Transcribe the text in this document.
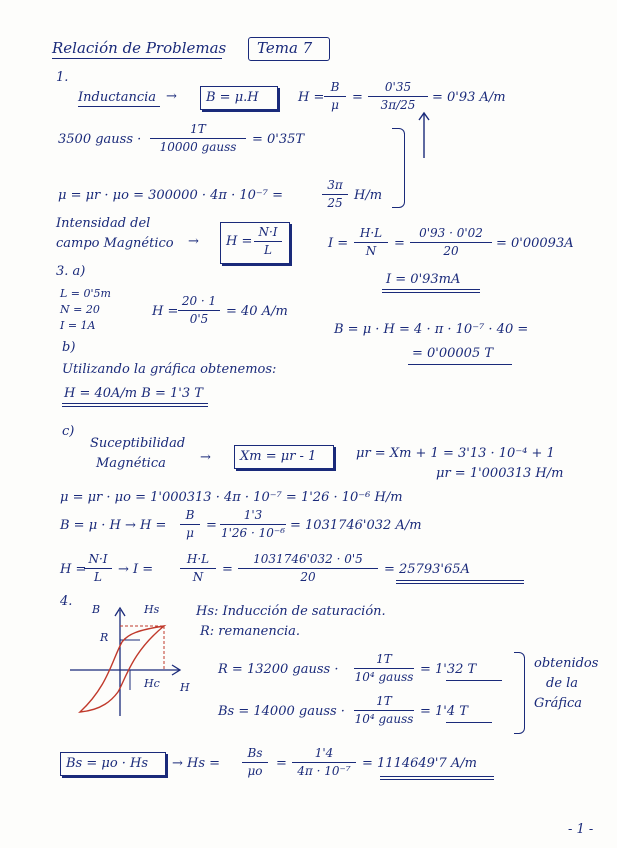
Relación de Problemas Tema 7
1.
Inductancia → B = μ.H	H =
B
μ	=
0'35
3π/25	= 0'93 A/m
3500 gauss ·
1T
10000 gauss	= 0'35T
μ = μr · μo = 300000 · 4π · 10⁻⁷ =
3π
25 H/m
Intensidad del
campo Magnético → H =
N·I
L	I =
H·L
N	=
0'93 · 0'02
20	= 0'00093A
I = 0'93mA
3. a)
L = 0'5m
N = 20
I = 1A
H =
20 · 1
0'5	= 40 A/m
B = μ · H = 4 · π · 10⁻⁷ · 40 =
= 0'00005 T
b)
Utilizando la gráfica obtenemos:
H = 40A/m B = 1'3 T
c)
Suceptibilidad
Magnética	→ Xm = μr - 1	μr = Xm + 1 = 3'13 · 10⁻⁴ + 1
μr = 1'000313 H/m
μ = μr · μo = 1'000313 · 4π · 10⁻⁷ = 1'26 · 10⁻⁶ H/m
B = μ · H → H =
B
μ =
1'3
1'26 · 10⁻⁶ = 1031746'032 A/m
H =
N·I
L	→ I =
H·L
N	=
1031746'032 · 0'5
20	= 25793'65A
4.
B	Hs
R
Hc H
Hs: Inducción de saturación.
R: remanencia.
R = 13200 gauss ·
1T
10⁴ gauss = 1'32 T
Bs = 14000 gauss ·
1T
10⁴ gauss = 1'4 T
obtenidos
de la
Gráfica
Bs = μo · Hs → Hs =
Bs
μo	=
1'4
4π · 10⁻⁷ = 1114649'7 A/m
- 1 -
